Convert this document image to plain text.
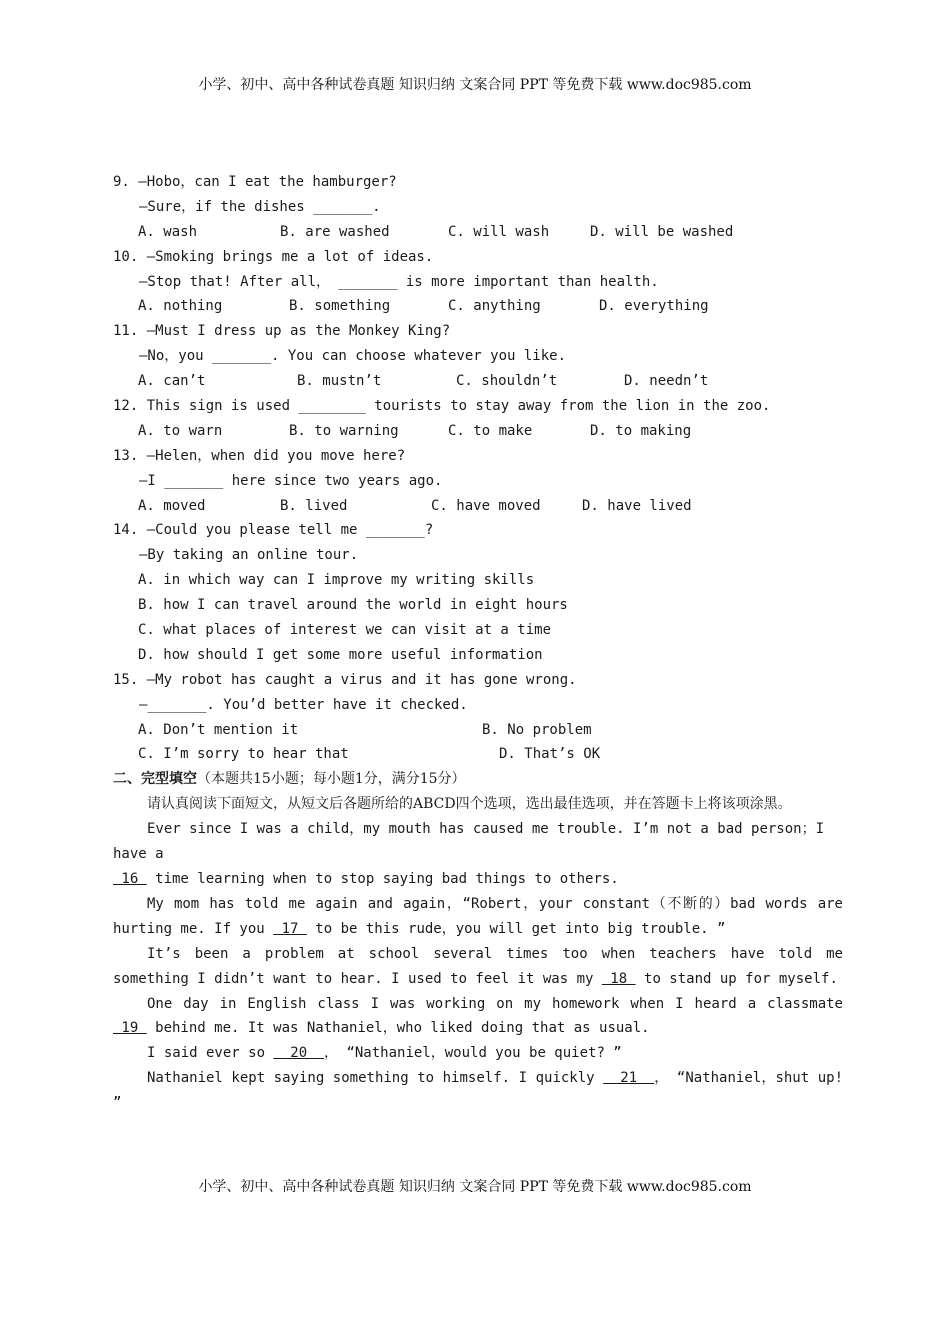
小学、初中、高中各种试卷真题 知识归纳 文案合同 PPT 等免费下载 www.doc985.com
9. —Hobo，can I eat the hamburger?
—Sure，if the dishes _______.
A. wash	B. are washed	C. will wash	D. will be washed
10. —Smoking brings me a lot of ideas.
—Stop that! After all， _______ is more important than health.
A. nothing	B. something	C. anything	D. everything
11. —Must I dress up as the Monkey King?
—No，you _______. You can choose whatever you like.
A. can’t	B. mustn’t	C. shouldn’t	D. needn’t
12. This sign is used ________ tourists to stay away from the lion in the zoo.
A. to warn	B. to warning	C. to make	D. to making
13. —Helen，when did you move here?
—I _______ here since two years ago.
A. moved	B. lived	C. have moved	D. have lived
14. —Could you please tell me _______?
—By taking an online tour.
A. in which way can I improve my writing skills
B. how I can travel around the world in eight hours
C. what places of interest we can visit at a time
D. how should I get some more useful information
15. —My robot has caught a virus and it has gone wrong.
—_______. You’d better have it checked.
A. Don’t mention it	B. No problem
C. I’m sorry to hear that	D. That’s OK
二、完型填空（本题共15小题；每小题1分，满分15分）
请认真阅读下面短文，从短文后各题所给的ABCD四个选项，选出最佳选项，并在答题卡上将该项涂黑。
Ever since I was a child，my mouth has caused me trouble. I’m not a bad person；I have a
16  time learning when to stop saying bad things to others.
My mom has told me again and again，“Robert，your constant（不断的）bad words are hurting me. If you  17  to be this rude，you will get into big trouble. ”
It’s been a problem at school several times too when teachers have told me something I didn’t want to hear. I used to feel it was my  18  to stand up for myself.
One day in English class I was working on my homework when I heard a classmate  19  behind me. It was Nathaniel，who liked doing that as usual.
I said ever so   20  ， “Nathaniel，would you be quiet? ”
Nathaniel kept saying something to himself. I quickly   21  ， “Nathaniel，shut up! ”
小学、初中、高中各种试卷真题 知识归纳 文案合同 PPT 等免费下载 www.doc985.com
